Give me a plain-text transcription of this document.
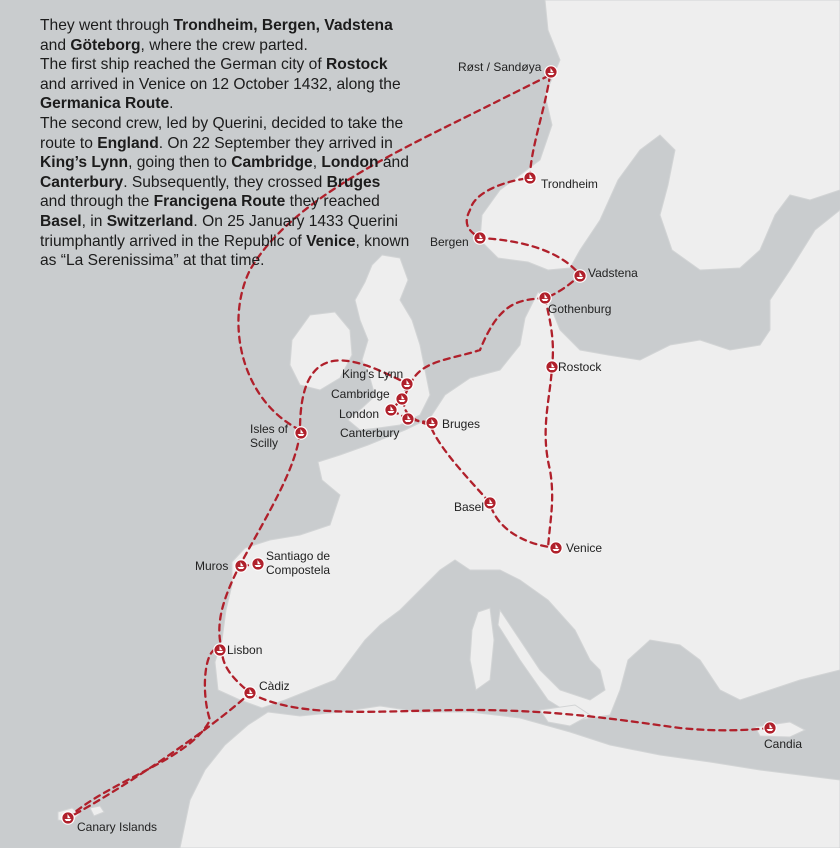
Røst / Sandøya
Trondheim
Bergen
Vadstena
Gothenburg
Rostock
King's Lynn
Cambridge
London
Canterbury
Bruges
Basel
Venice
Isles of
Scilly
Muros
Santiago de
Compostela
Lisbon
Càdiz
Candia
Canary Islands

They went through Trondheim, Bergen, Vadstena and Göteborg, where the crew parted.

The first ship reached the German city of Rostock and arrived in Venice on 12 October 1432, along the Germanica Route.

The second crew, led by Querini, decided to take the route to England. On 22 September they arrived in King’s Lynn, going then to Cambridge, London and Canterbury. Subsequently, they crossed Bruges and through the Francigena Route they reached Basel, in Switzerland. On 25 January 1433 Querini triumphantly arrived in the Republic of Venice, known as “La Serenissima” at that time.
